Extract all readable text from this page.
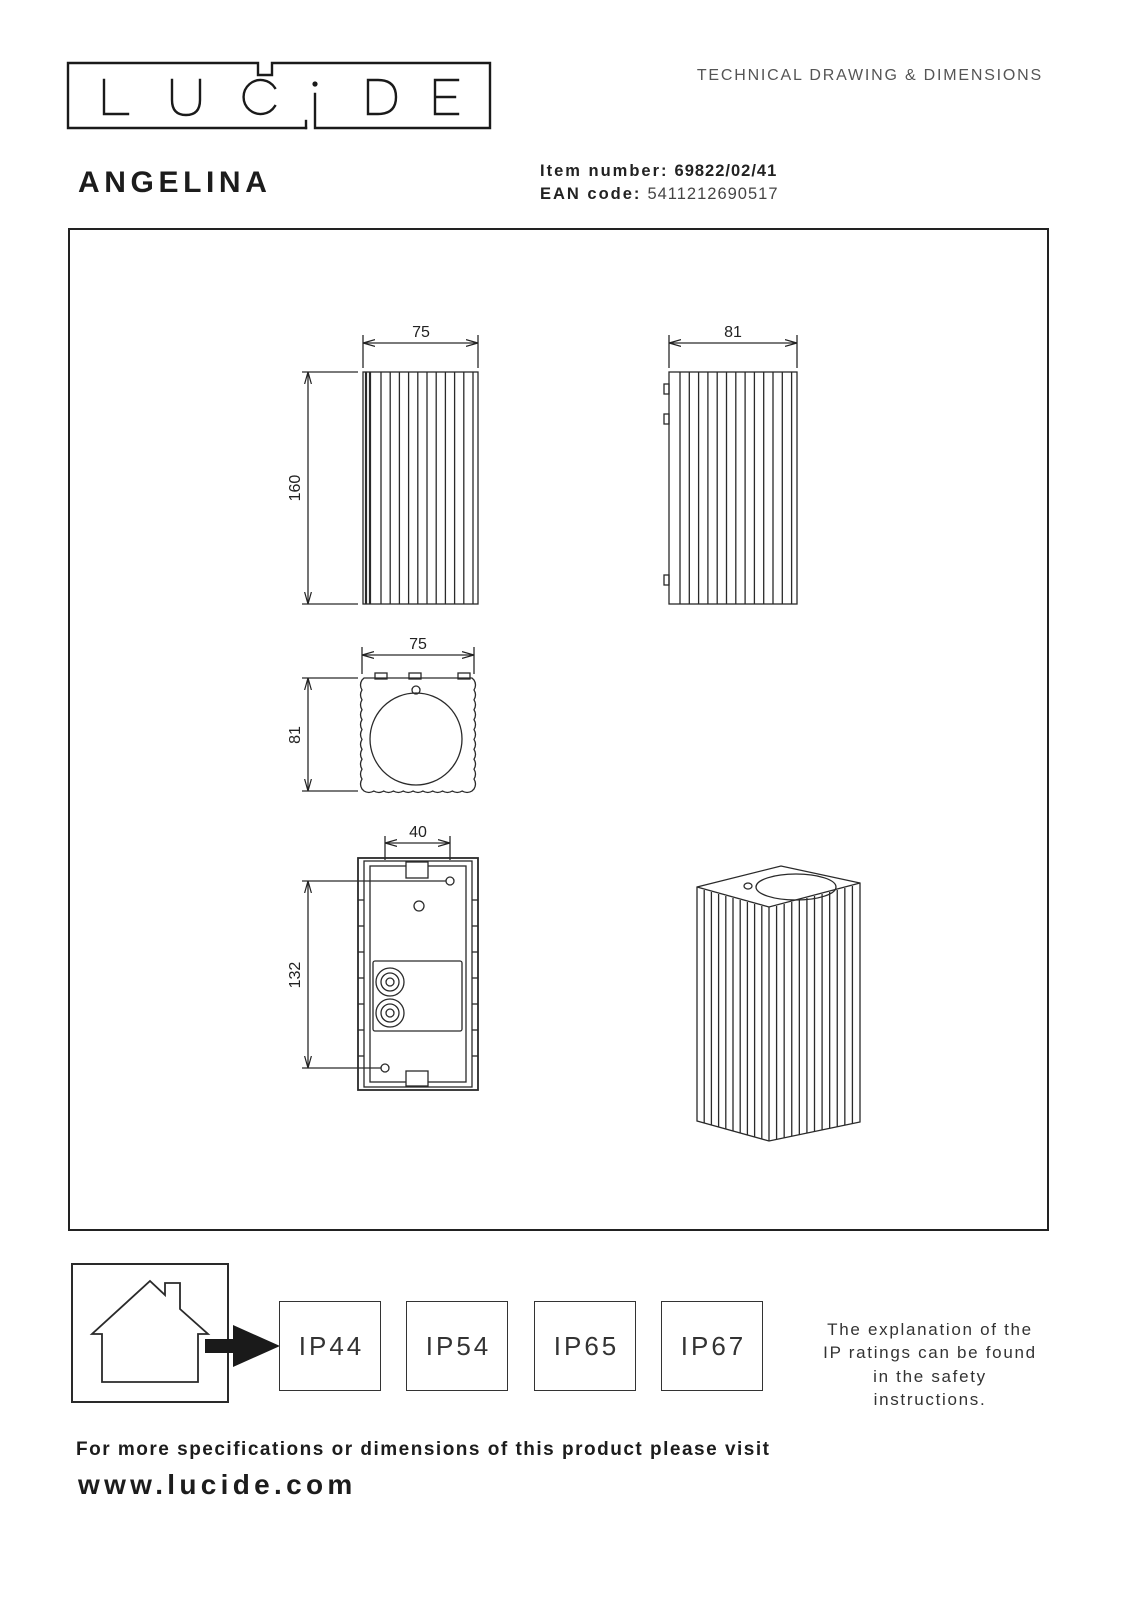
TECHNICAL DRAWING & DIMENSIONS
ANGELINA	Item number: 69822/02/41
EAN code: 5411212690517
75
160
81
75
81
40
132
IP44	IP54	IP65	IP67
The explanation of the
IP ratings can be found
in the safety
instructions.
For more specifications or dimensions of this product please visit
www.lucide.com
